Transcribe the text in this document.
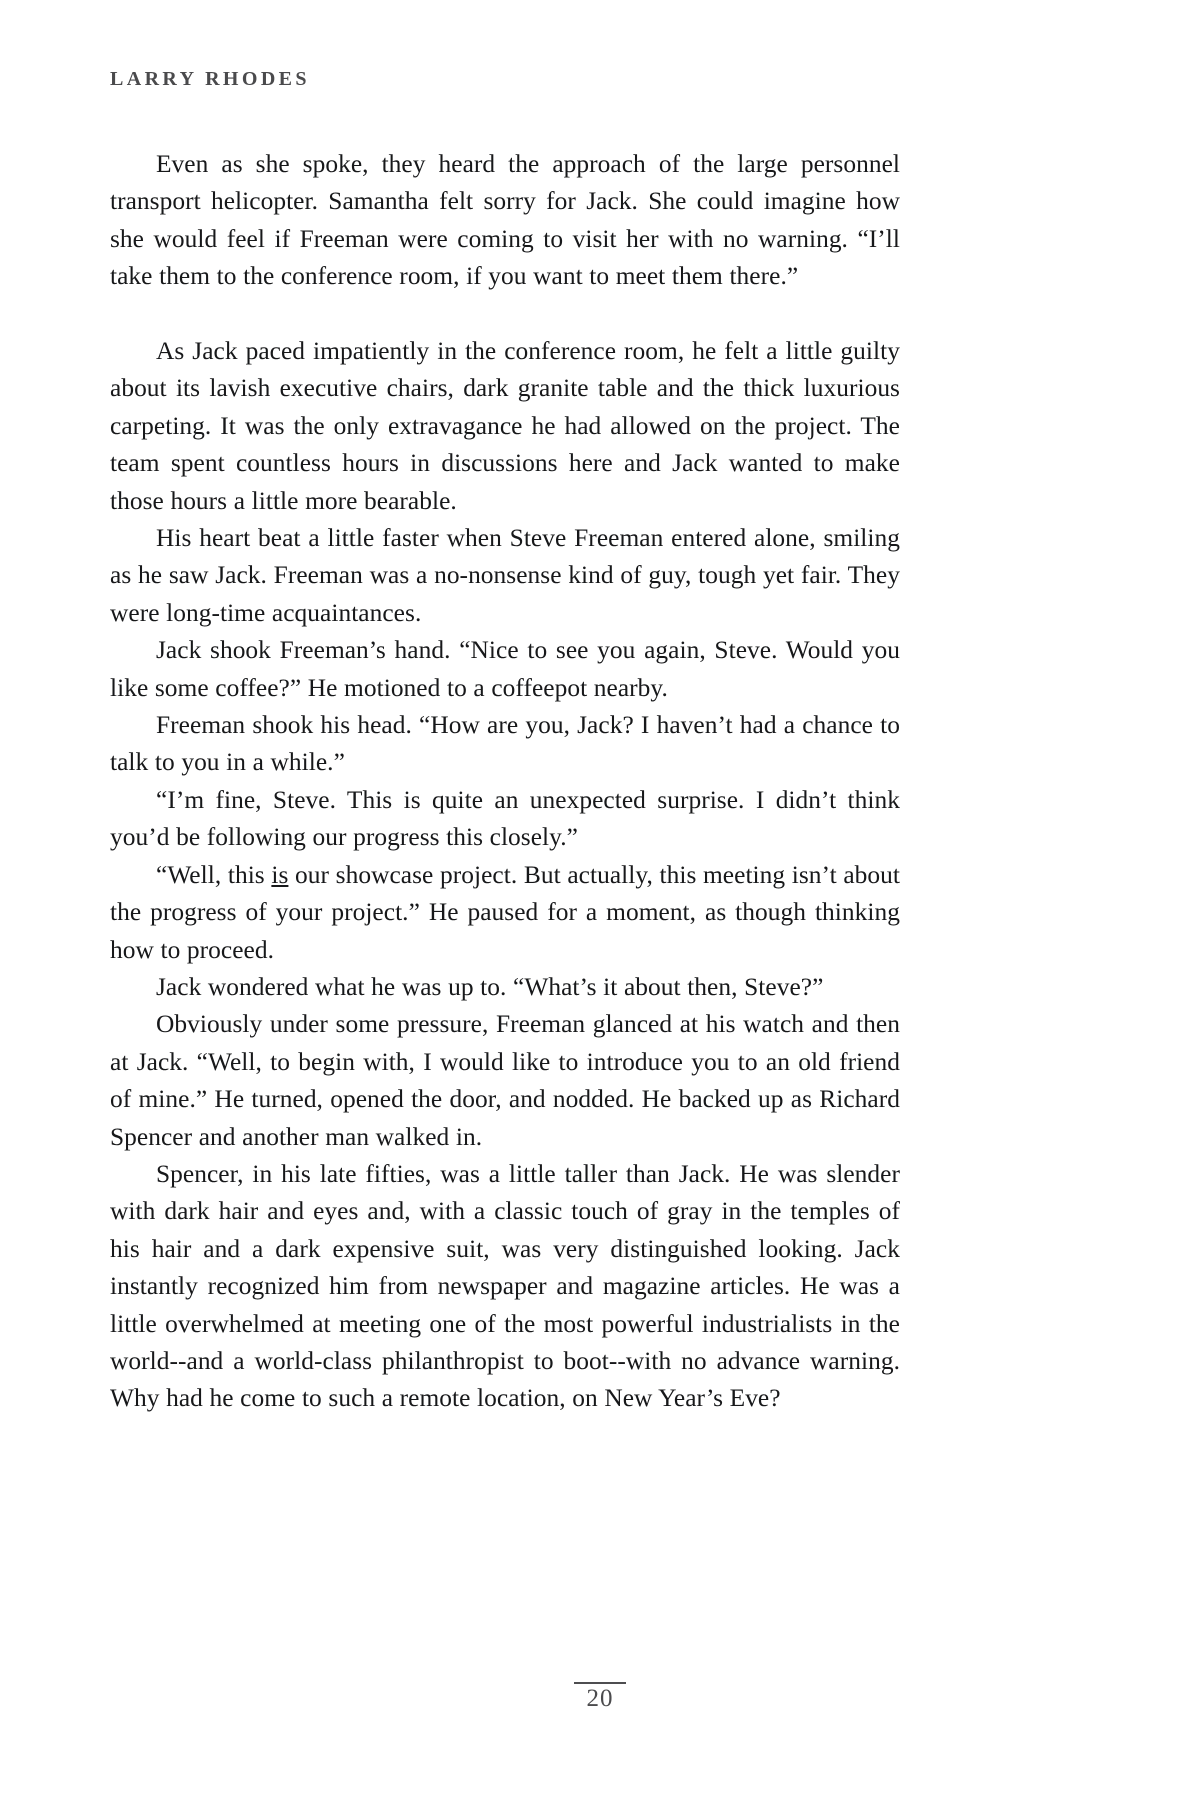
LARRY RHODES

Even as she spoke, they heard the approach of the large personnel transport helicopter. Samantha felt sorry for Jack. She could imagine how she would feel if Freeman were coming to visit her with no warning. “I’ll take them to the conference room, if you want to meet them there.”

As Jack paced impatiently in the conference room, he felt a little guilty about its lavish executive chairs, dark granite table and the thick luxurious carpeting. It was the only extravagance he had allowed on the project. The team spent countless hours in discussions here and Jack wanted to make those hours a little more bearable.

His heart beat a little faster when Steve Freeman entered alone, smiling as he saw Jack. Freeman was a no-nonsense kind of guy, tough yet fair. They were long-time acquaintances.

Jack shook Freeman’s hand. “Nice to see you again, Steve. Would you like some coffee?” He motioned to a coffeepot nearby.

Freeman shook his head. “How are you, Jack? I haven’t had a chance to talk to you in a while.”

“I’m fine, Steve. This is quite an unexpected surprise. I didn’t think you’d be following our progress this closely.”

“Well, this is our showcase project. But actually, this meeting isn’t about the progress of your project.” He paused for a moment, as though thinking how to proceed.

Jack wondered what he was up to. “What’s it about then, Steve?”

Obviously under some pressure, Freeman glanced at his watch and then at Jack. “Well, to begin with, I would like to introduce you to an old friend of mine.” He turned, opened the door, and nodded. He backed up as Richard Spencer and another man walked in.

Spencer, in his late fifties, was a little taller than Jack. He was slender with dark hair and eyes and, with a classic touch of gray in the temples of his hair and a dark expensive suit, was very distinguished looking. Jack instantly recognized him from newspaper and magazine articles. He was a little overwhelmed at meeting one of the most powerful industrialists in the world--and a world-class philanthropist to boot--with no advance warning. Why had he come to such a remote location, on New Year’s Eve?

20
